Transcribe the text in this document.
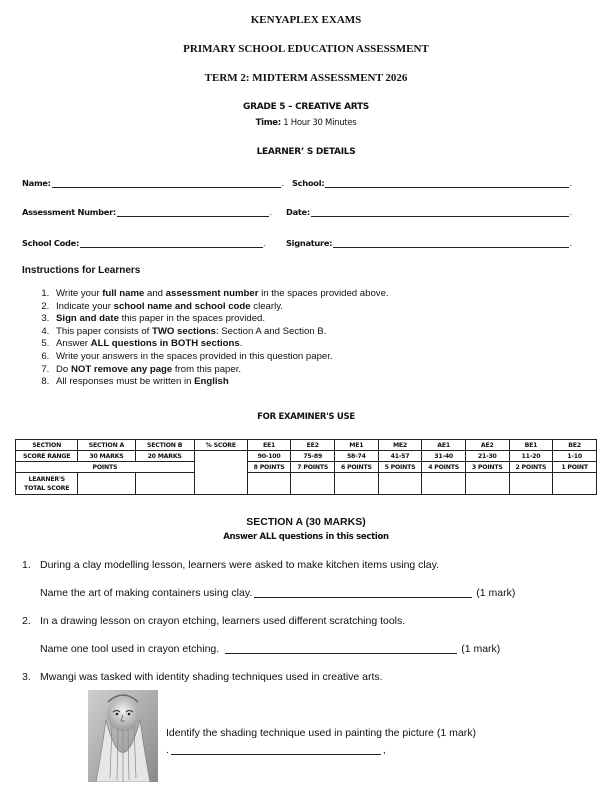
KENYAPLEX EXAMS
PRIMARY SCHOOL EDUCATION ASSESSMENT
TERM 2: MIDTERM ASSESSMENT 2026
GRADE 5 – CREATIVE ARTS
Time: 1 Hour 30 Minutes
LEARNER’ S DETAILS
Name:	. School:	.
Assessment Number:	. Date:	.
School Code:	. Signature:	.
Instructions for Learners
1. Write your full name and assessment number in the spaces provided above.
2. Indicate your school name and school code clearly.
3. Sign and date this paper in the spaces provided.
4. This paper consists of TWO sections: Section A and Section B.
5. Answer ALL questions in BOTH sections.
6. Write your answers in the spaces provided in this question paper.
7. Do NOT remove any page from this paper.
8. All responses must be written in English
FOR EXAMINER'S USE
SECTION	SECTION A	SECTION B	% SCORE	EE1	EE2	ME1	ME2	AE1	AE2	BE1	BE2
SCORE RANGE	30 MARKS	20 MARKS		90-100	75-89	58-74	41-57	31-40	21-30	11-20	1-10
POINTS				8 POINTS	7 POINTS	6 POINTS	5 POINTS	4 POINTS	3 POINTS	2 POINTS	1 POINT
LEARNER'S
TOTAL SCORE											
SECTION A (30 MARKS)
Answer ALL questions in this section
1. During a clay modelling lesson, learners were asked to make kitchen items using clay.
Name the art of making containers using clay.	(1 mark)
2. In a drawing lesson on crayon etching, learners used different scratching tools.
Name one tool used in crayon etching.	(1 mark)
3. Mwangi was tasked with identity shading techniques used in creative arts.
Identify the shading technique used in painting the picture (1 mark)
.	,
